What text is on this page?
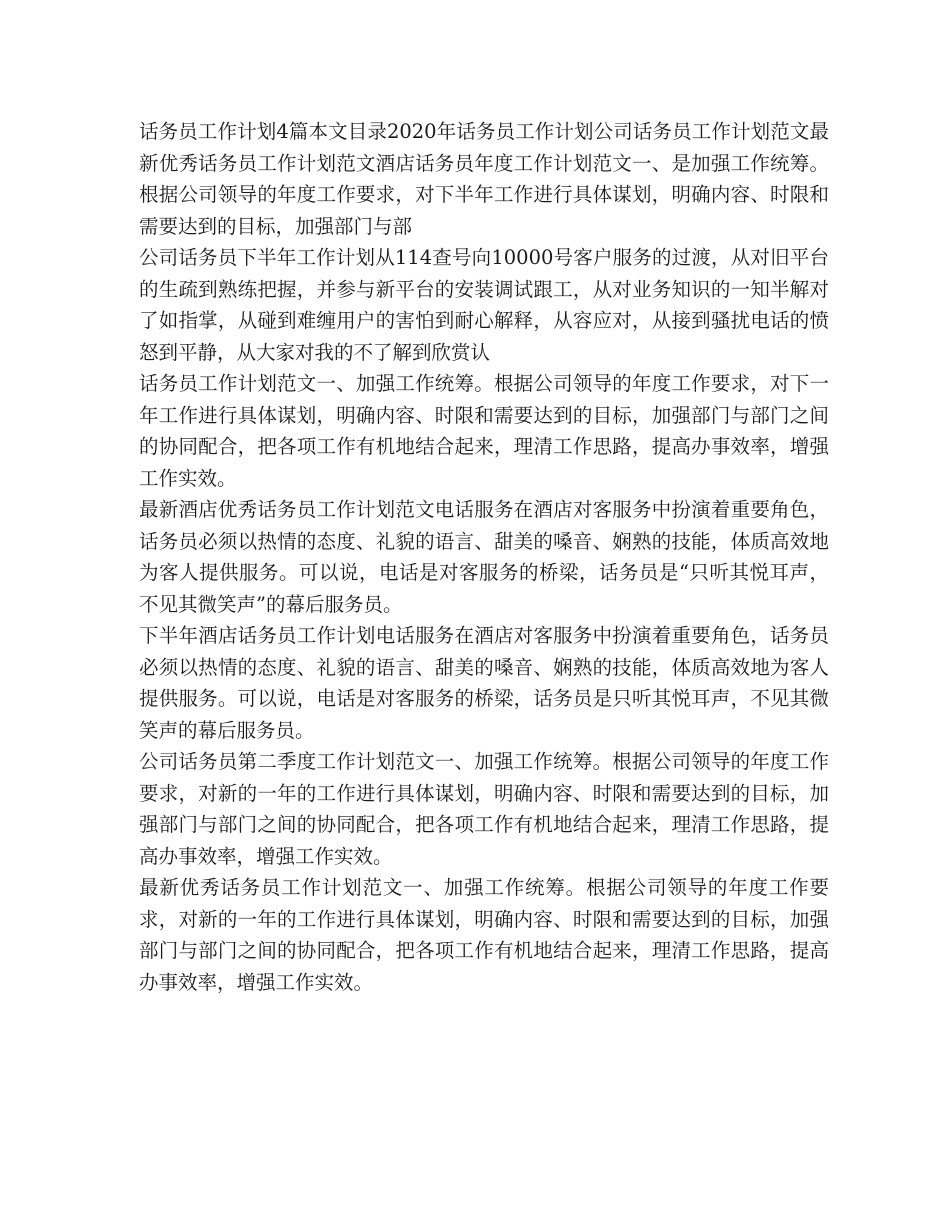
话务员工作计划4篇本文目录2020年话务员工作计划公司话务员工作计划范文最新优秀话务员工作计划范文酒店话务员年度工作计划范文一、是加强工作统筹。根据公司领导的年度工作要求，对下半年工作进行具体谋划，明确内容、时限和需要达到的目标，加强部门与部

公司话务员下半年工作计划从114查号向10000号客户服务的过渡，从对旧平台的生疏到熟练把握，并参与新平台的安装调试跟工，从对业务知识的一知半解对了如指掌，从碰到难缠用户的害怕到耐心解释，从容应对，从接到骚扰电话的愤怒到平静，从大家对我的不了解到欣赏认

话务员工作计划范文一、加强工作统筹。根据公司领导的年度工作要求，对下一年工作进行具体谋划，明确内容、时限和需要达到的目标，加强部门与部门之间的协同配合，把各项工作有机地结合起来，理清工作思路，提高办事效率，增强工作实效。

最新酒店优秀话务员工作计划范文电话服务在酒店对客服务中扮演着重要角色，话务员必须以热情的态度、礼貌的语言、甜美的嗓音、娴熟的技能，体质高效地为客人提供服务。可以说，电话是对客服务的桥梁，话务员是“只听其悦耳声，不见其微笑声”的幕后服务员。

下半年酒店话务员工作计划电话服务在酒店对客服务中扮演着重要角色，话务员必须以热情的态度、礼貌的语言、甜美的嗓音、娴熟的技能，体质高效地为客人提供服务。可以说，电话是对客服务的桥梁，话务员是只听其悦耳声，不见其微笑声的幕后服务员。

公司话务员第二季度工作计划范文一、加强工作统筹。根据公司领导的年度工作要求，对新的一年的工作进行具体谋划，明确内容、时限和需要达到的目标，加强部门与部门之间的协同配合，把各项工作有机地结合起来，理清工作思路，提高办事效率，增强工作实效。

最新优秀话务员工作计划范文一、加强工作统筹。根据公司领导的年度工作要求，对新的一年的工作进行具体谋划，明确内容、时限和需要达到的目标，加强部门与部门之间的协同配合，把各项工作有机地结合起来，理清工作思路，提高办事效率，增强工作实效。
